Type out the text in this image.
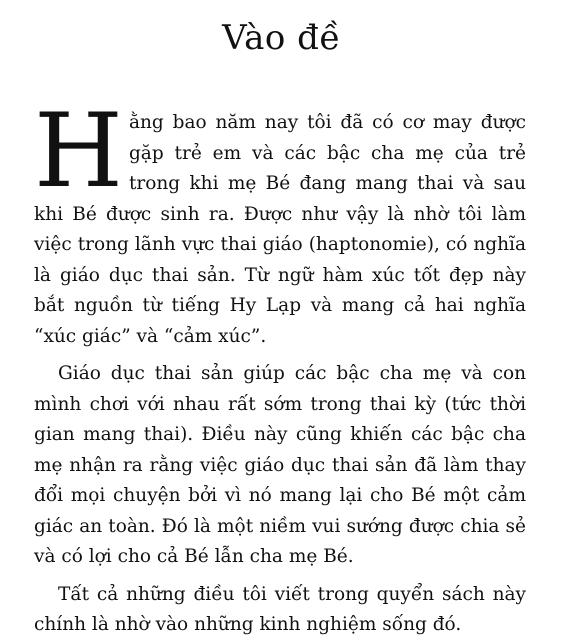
Vào đề

Hằng bao năm nay tôi đã có cơ may được gặp trẻ em và các bậc cha mẹ của trẻ trong khi mẹ Bé đang mang thai và sau khi Bé được sinh ra. Được như vậy là nhờ tôi làm việc trong lãnh vực thai giáo (haptonomie), có nghĩa là giáo dục thai sản. Từ ngữ hàm xúc tốt đẹp này bắt nguồn từ tiếng Hy Lạp và mang cả hai nghĩa “xúc giác” và “cảm xúc”.

Giáo dục thai sản giúp các bậc cha mẹ và con mình chơi với nhau rất sớm trong thai kỳ (tức thời gian mang thai). Điều này cũng khiến các bậc cha mẹ nhận ra rằng việc giáo dục thai sản đã làm thay đổi mọi chuyện bởi vì nó mang lại cho Bé một cảm giác an toàn. Đó là một niềm vui sướng được chia sẻ và có lợi cho cả Bé lẫn cha mẹ Bé.

Tất cả những điều tôi viết trong quyển sách này chính là nhờ vào những kinh nghiệm sống đó.
